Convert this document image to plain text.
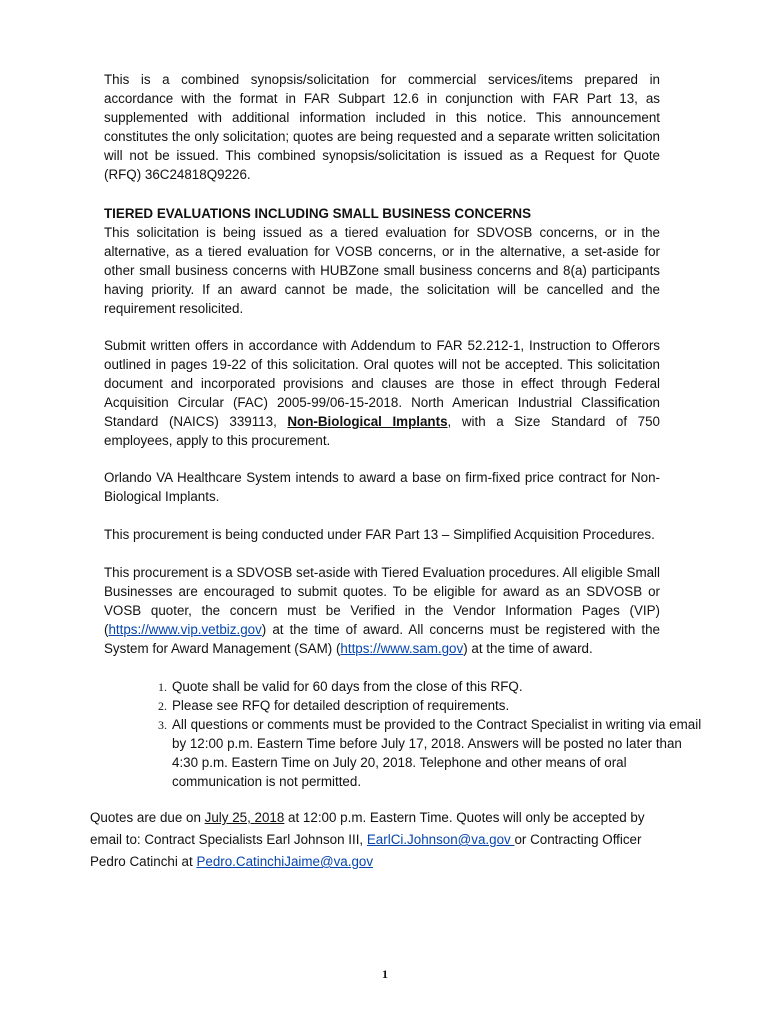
This is a combined synopsis/solicitation for commercial services/items prepared in accordance with the format in FAR Subpart 12.6 in conjunction with FAR Part 13, as supplemented with additional information included in this notice. This announcement constitutes the only solicitation; quotes are being requested and a separate written solicitation will not be issued. This combined synopsis/solicitation is issued as a Request for Quote (RFQ) 36C24818Q9226.

TIERED EVALUATIONS INCLUDING SMALL BUSINESS CONCERNS
This solicitation is being issued as a tiered evaluation for SDVOSB concerns, or in the alternative, as a tiered evaluation for VOSB concerns, or in the alternative, a set-aside for other small business concerns with HUBZone small business concerns and 8(a) participants having priority. If an award cannot be made, the solicitation will be cancelled and the requirement resolicited.

Submit written offers in accordance with Addendum to FAR 52.212-1, Instruction to Offerors outlined in pages 19-22 of this solicitation. Oral quotes will not be accepted. This solicitation document and incorporated provisions and clauses are those in effect through Federal Acquisition Circular (FAC) 2005-99/06-15-2018. North American Industrial Classification Standard (NAICS) 339113, Non-Biological Implants, with a Size Standard of 750 employees, apply to this procurement.

Orlando VA Healthcare System intends to award a base on firm-fixed price contract for Non-Biological Implants.

This procurement is being conducted under FAR Part 13 – Simplified Acquisition Procedures.

This procurement is a SDVOSB set-aside with Tiered Evaluation procedures. All eligible Small Businesses are encouraged to submit quotes. To be eligible for award as an SDVOSB or VOSB quoter, the concern must be Verified in the Vendor Information Pages (VIP) (https://www.vip.vetbiz.gov) at the time of award. All concerns must be registered with the System for Award Management (SAM) (https://www.sam.gov) at the time of award.

1. Quote shall be valid for 60 days from the close of this RFQ.
2. Please see RFQ for detailed description of requirements.
3. All questions or comments must be provided to the Contract Specialist in writing via email by 12:00 p.m. Eastern Time before July 17, 2018. Answers will be posted no later than 4:30 p.m. Eastern Time on July 20, 2018. Telephone and other means of oral communication is not permitted.

Quotes are due on July 25, 2018 at 12:00 p.m. Eastern Time. Quotes will only be accepted by email to: Contract Specialists Earl Johnson III, EarlCi.Johnson@va.gov or Contracting Officer Pedro Catinchi at Pedro.CatinchiJaime@va.gov

1
